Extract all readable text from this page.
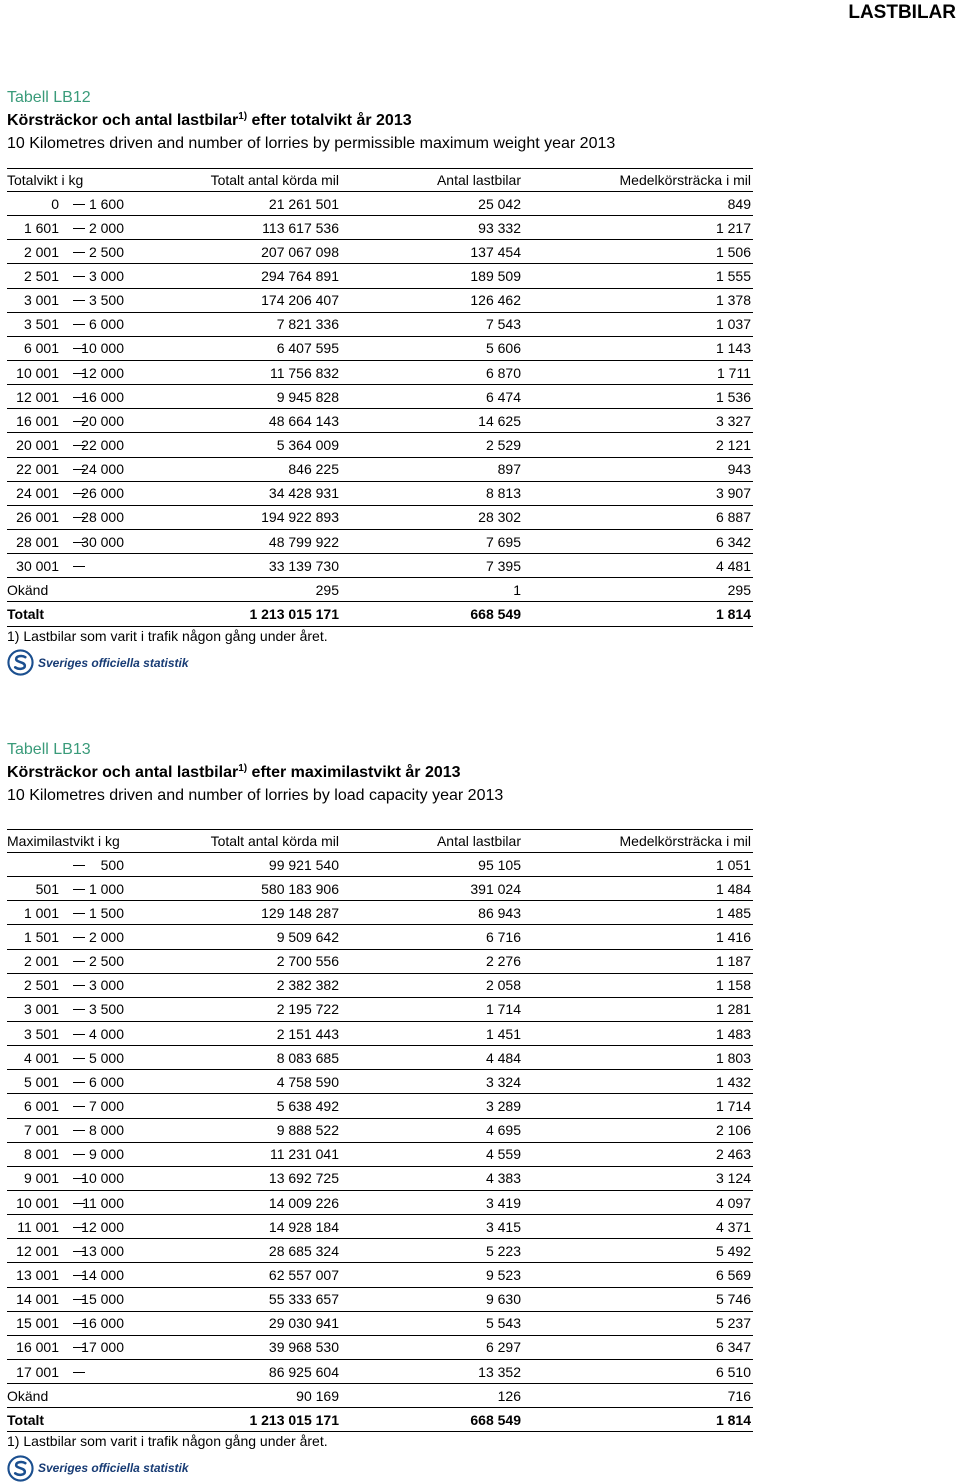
LASTBILAR
Tabell LB12
Körsträckor och antal lastbilar$^{1)}$ efter totalvikt år 2013
10 Kilometres driven and number of lorries by permissible maximum weight year 2013
Totalvikt i kg	Totalt antal körda mil	Antal lastbilar	Medelkörsträcka i mil

0 1 600	21 261 501	25 042	849

1 601 2 000	113 617 536	93 332	1 217

2 001 2 500	207 067 098	137 454	1 506

2 501 3 000	294 764 891	189 509	1 555

3 001 3 500	174 206 407	126 462	1 378

3 501 6 000	7 821 336	7 543	1 037

6 001 10 000	6 407 595	5 606	1 143

10 001 12 000	11 756 832	6 870	1 711

12 001 16 000	9 945 828	6 474	1 536

16 001 20 000	48 664 143	14 625	3 327

20 001 22 000	5 364 009	2 529	2 121

22 001 24 000	846 225	897	943

24 001 26 000	34 428 931	8 813	3 907

26 001 28 000	194 922 893	28 302	6 887

28 001 30 000	48 799 922	7 695	6 342

30 001	33 139 730	7 395	4 481
Okänd	295	1	295
Totalt	1 213 015 171	668 549	1 814
1) Lastbilar som varit i trafik någon gång under året.
Sveriges officiella statistik
Tabell LB13
Körsträckor och antal lastbilar$^{1)}$ efter maximilastvikt år 2013
10 Kilometres driven and number of lorries by load capacity year 2013
Maximilastvikt i kg	Totalt antal körda mil	Antal lastbilar	Medelkörsträcka i mil

500	99 921 540	95 105	1 051

501 1 000	580 183 906	391 024	1 484

1 001 1 500	129 148 287	86 943	1 485

1 501 2 000	9 509 642	6 716	1 416

2 001 2 500	2 700 556	2 276	1 187

2 501 3 000	2 382 382	2 058	1 158

3 001 3 500	2 195 722	1 714	1 281

3 501 4 000	2 151 443	1 451	1 483

4 001 5 000	8 083 685	4 484	1 803

5 001 6 000	4 758 590	3 324	1 432

6 001 7 000	5 638 492	3 289	1 714

7 001 8 000	9 888 522	4 695	2 106

8 001 9 000	11 231 041	4 559	2 463

9 001 10 000	13 692 725	4 383	3 124

10 001 11 000	14 009 226	3 419	4 097

11 001 12 000	14 928 184	3 415	4 371

12 001 13 000	28 685 324	5 223	5 492

13 001 14 000	62 557 007	9 523	6 569

14 001 15 000	55 333 657	9 630	5 746

15 001 16 000	29 030 941	5 543	5 237

16 001 17 000	39 968 530	6 297	6 347

17 001	86 925 604	13 352	6 510
Okänd	90 169	126	716
Totalt	1 213 015 171	668 549	1 814
1) Lastbilar som varit i trafik någon gång under året.
Sveriges officiella statistik
